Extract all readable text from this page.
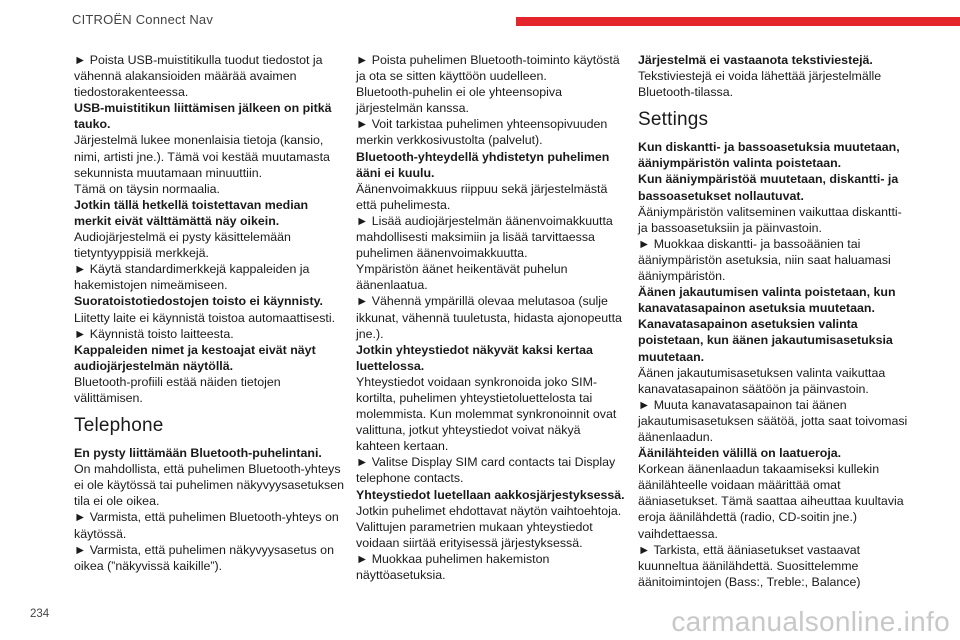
CITROËN Connect Nav

► Poista USB-muistitikulla tuodut tiedostot ja vähennä alakansioiden määrää avaimen tiedostorakenteessa.

USB-muistitikun liittämisen jälkeen on pitkä tauko.

Järjestelmä lukee monenlaisia tietoja (kansio, nimi, artisti jne.). Tämä voi kestää muutamasta sekunnista muutamaan minuuttiin.

Tämä on täysin normaalia.

Jotkin tällä hetkellä toistettavan median merkit eivät välttämättä näy oikein.

Audiojärjestelmä ei pysty käsittelemään tietyntyyppisiä merkkejä.

► Käytä standardimerkkejä kappaleiden ja hakemistojen nimeämiseen.

Suoratoistotiedostojen toisto ei käynnisty.

Liitetty laite ei käynnistä toistoa automaattisesti.

► Käynnistä toisto laitteesta.

Kappaleiden nimet ja kestoajat eivät näyt audiojärjestelmän näytöllä.

Bluetooth-profiili estää näiden tietojen välittämisen.

Telephone

En pysty liittämään Bluetooth-puhelintani.

On mahdollista, että puhelimen Bluetooth-yhteys ei ole käytössä tai puhelimen näkyvyysasetuksen tila ei ole oikea.

► Varmista, että puhelimen Bluetooth-yhteys on käytössä.

► Varmista, että puhelimen näkyvyysasetus on oikea (”näkyvissä kaikille”).

► Poista puhelimen Bluetooth-toiminto käytöstä ja ota se sitten käyttöön uudelleen.

Bluetooth-puhelin ei ole yhteensopiva järjestelmän kanssa.

► Voit tarkistaa puhelimen yhteensopivuuden merkin verkkosivustolta (palvelut).

Bluetooth-yhteydellä yhdistetyn puhelimen ääni ei kuulu.

Äänenvoimakkuus riippuu sekä järjestelmästä että puhelimesta.

► Lisää audiojärjestelmän äänenvoimakkuutta mahdollisesti maksimiin ja lisää tarvittaessa puhelimen äänenvoimakkuutta.

Ympäristön äänet heikentävät puhelun äänenlaatua.

► Vähennä ympärillä olevaa melutasoa (sulje ikkunat, vähennä tuuletusta, hidasta ajonopeutta jne.).

Jotkin yhteystiedot näkyvät kaksi kertaa luettelossa.

Yhteystiedot voidaan synkronoida joko SIM-kortilta, puhelimen yhteystietoluettelosta tai molemmista. Kun molemmat synkronoinnit ovat valittuna, jotkut yhteystiedot voivat näkyä kahteen kertaan.

► Valitse Display SIM card contacts tai Display telephone contacts.

Yhteystiedot luetellaan aakkosjärjestyksessä.

Jotkin puhelimet ehdottavat näytön vaihtoehtoja. Valittujen parametrien mukaan yhteystiedot voidaan siirtää erityisessä järjestyksessä.

► Muokkaa puhelimen hakemiston näyttöasetuksia.

Järjestelmä ei vastaanota tekstiviestejä.

Tekstiviestejä ei voida lähettää järjestelmälle Bluetooth-tilassa.

Settings

Kun diskantti- ja bassoasetuksia muutetaan, ääniympäristön valinta poistetaan.

Kun ääniympäristöä muutetaan, diskantti- ja bassoasetukset nollautuvat.

Ääniympäristön valitseminen vaikuttaa diskantti- ja bassoasetuksiin ja päinvastoin.

► Muokkaa diskantti- ja bassoäänien tai ääniympäristön asetuksia, niin saat haluamasi ääniympäristön.

Äänen jakautumisen valinta poistetaan, kun kanavatasapainon asetuksia muutetaan.

Kanavatasapainon asetuksien valinta poistetaan, kun äänen jakautumisasetuksia muutetaan.

Äänen jakautumisasetuksen valinta vaikuttaa kanavatasapainon säätöön ja päinvastoin.

► Muuta kanavatasapainon tai äänen jakautumisasetuksen säätöä, jotta saat toivomasi äänenlaadun.

Äänilähteiden välillä on laatueroja.

Korkean äänenlaadun takaamiseksi kullekin äänilähteelle voidaan määrittää omat ääniasetukset. Tämä saattaa aiheuttaa kuultavia eroja äänilähdettä (radio, CD-soitin jne.) vaihdettaessa.

► Tarkista, että ääniasetukset vastaavat kuunneltua äänilähdettä. Suosittelemme äänitoimintojen (Bass:, Treble:, Balance)

234	carmanualsonline.info
